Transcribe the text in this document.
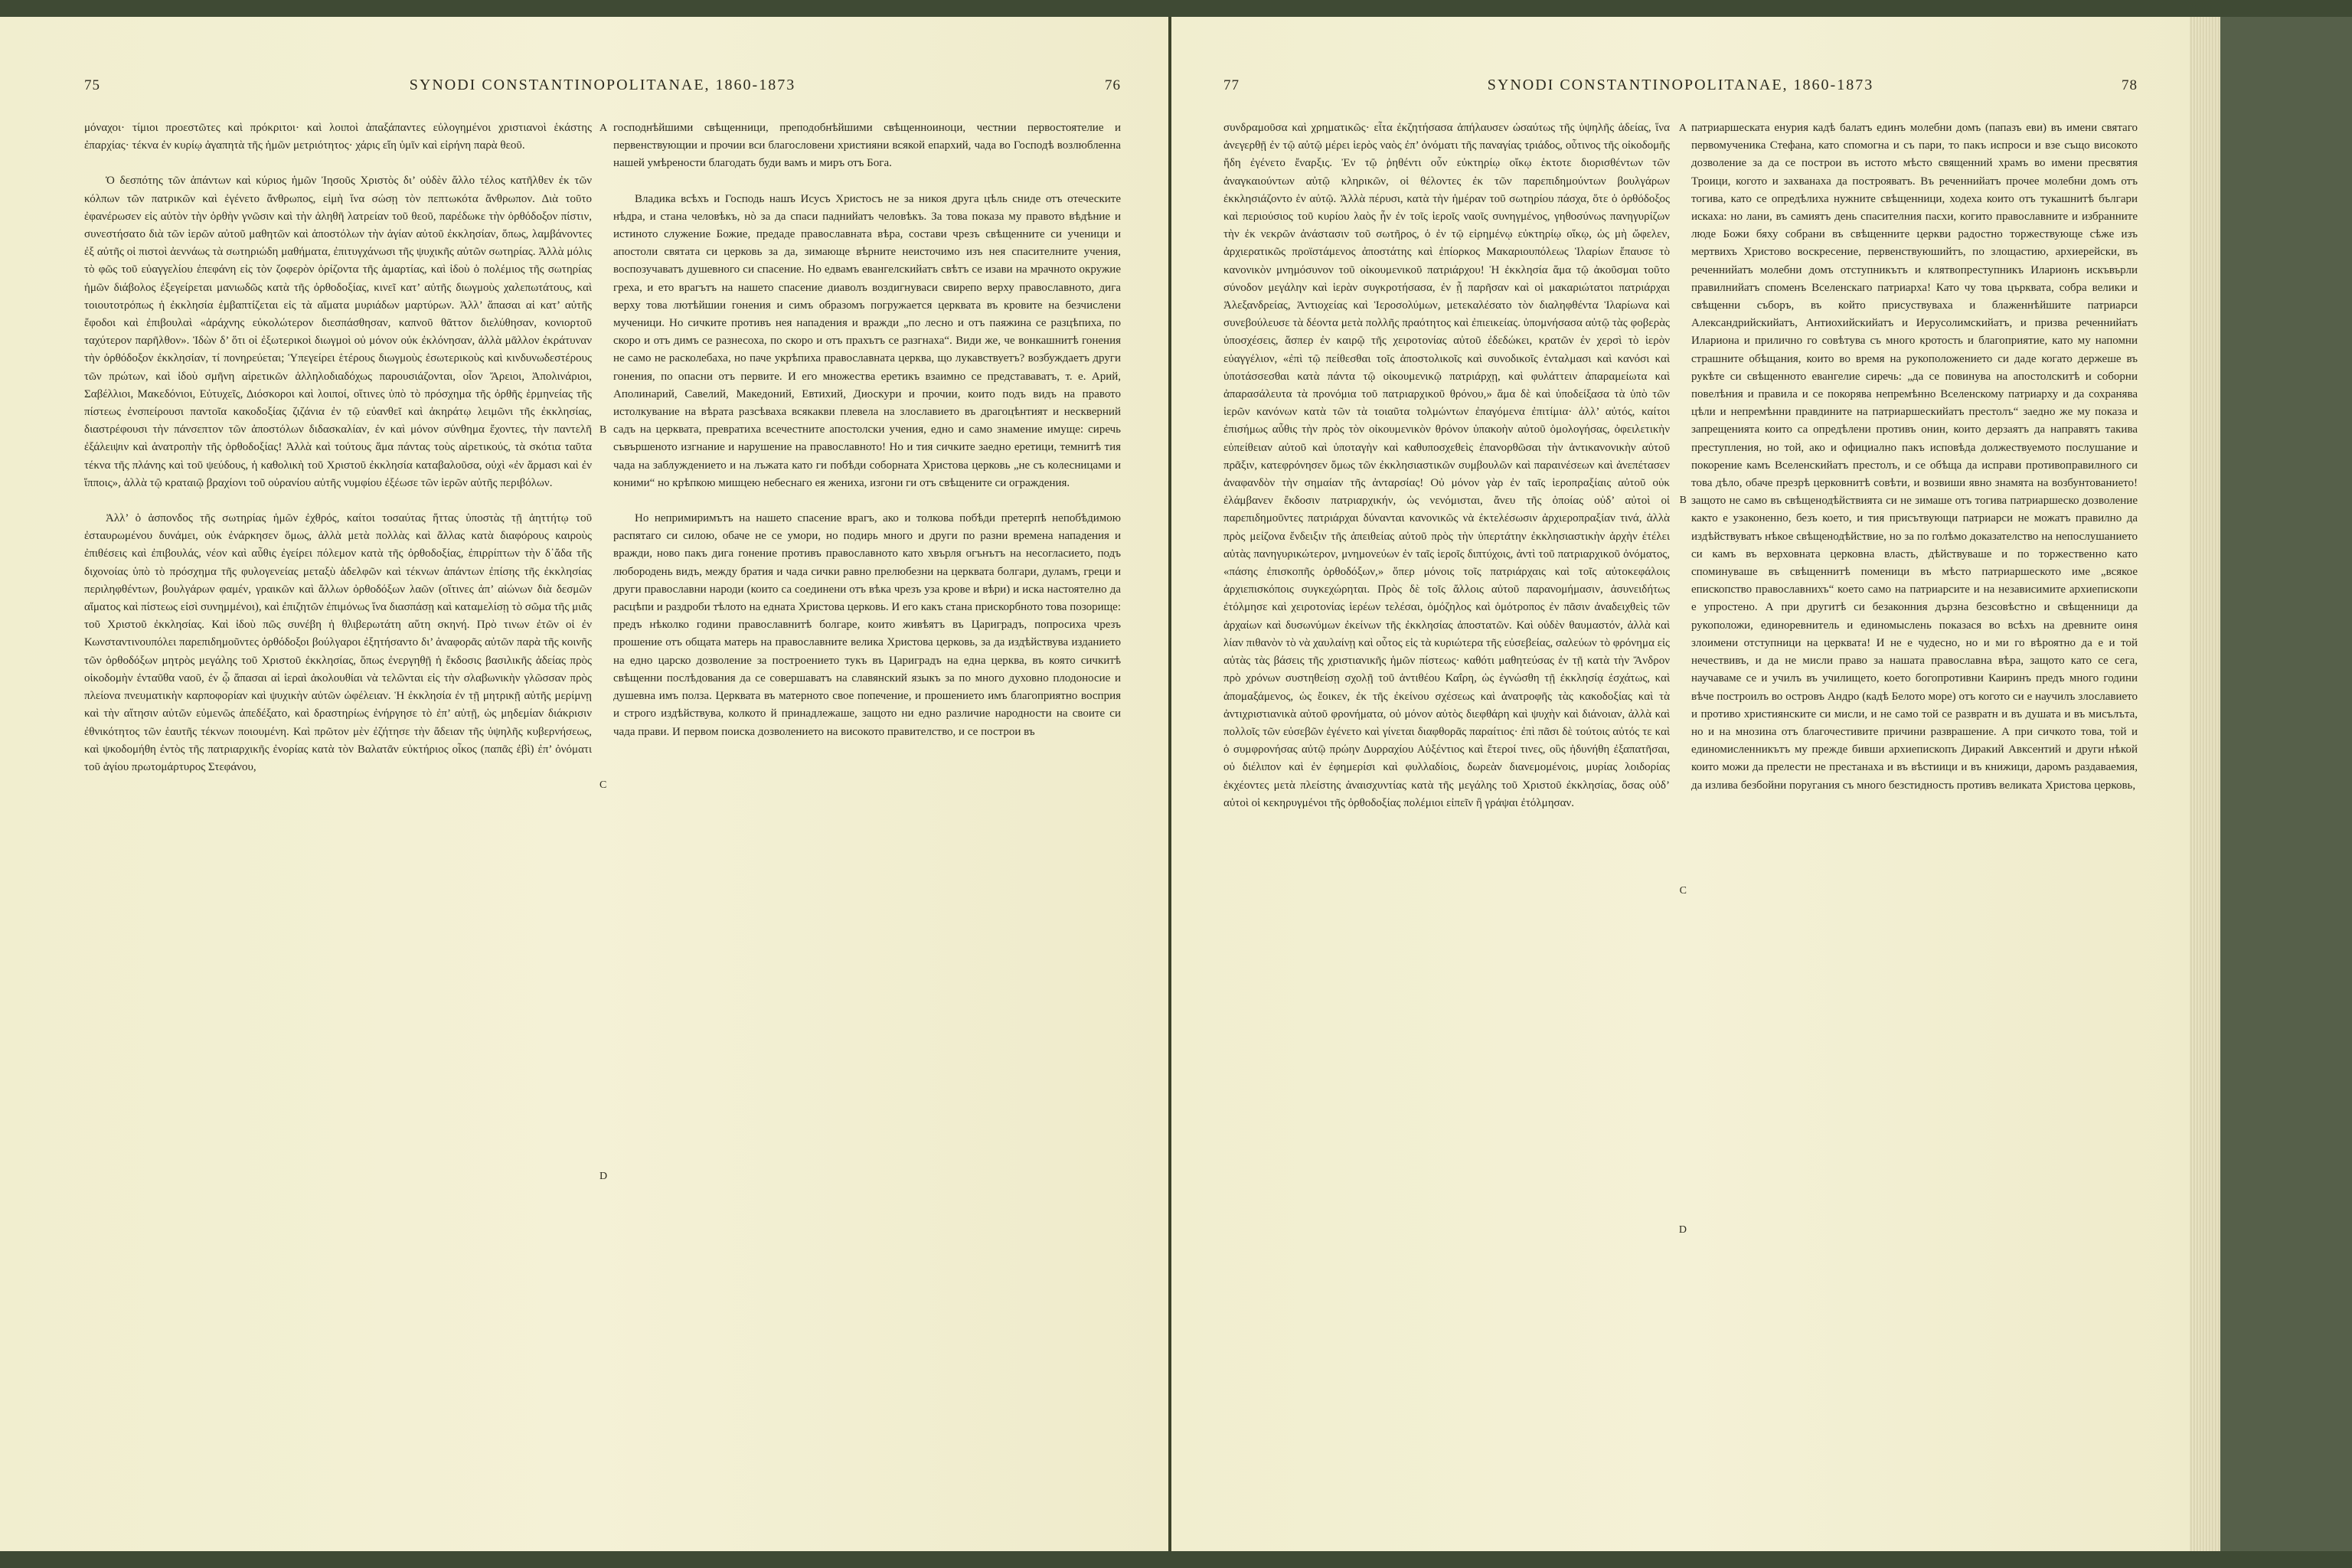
75	SYNODI CONSTANTINOPOLITANAE, 1860-1873	76

μόναχοι· τίμιοι προεστῶτες καὶ πρόκριτοι· καὶ λοιποὶ ἁπαξάπαντες εὐλογημένοι χριστιανοὶ ἑκάστης ἐπαρχίας· τέκνα ἐν κυρίῳ ἀγαπητὰ τῆς ἡμῶν μετριότητος· χάρις εἴη ὑμῖν καὶ εἰρήνη παρὰ θεοῦ.

Ὁ δεσπότης τῶν ἁπάντων καὶ κύριος ἡμῶν Ἰησοῦς Χριστὸς δι’ οὐδὲν ἄλλο τέλος κατῆλθεν ἐκ τῶν κόλπων τῶν πατρικῶν καὶ ἐγένετο ἄνθρωπος, εἰμὴ ἵνα σώσῃ τὸν πεπτωκότα ἄνθρωπον. Διὰ τοῦτο ἐφανέρωσεν εἰς αὐτὸν τὴν ὀρθὴν γνῶσιν καὶ τὴν ἀληθῆ λατρείαν τοῦ θεοῦ, παρέδωκε τὴν ὀρθόδοξον πίστιν, συνεστήσατο διὰ τῶν ἱερῶν αὐτοῦ μαθητῶν καὶ ἀποστόλων τὴν ἁγίαν αὐτοῦ ἐκκλησίαν, ὅπως, λαμβάνοντες ἐξ αὐτῆς οἱ πιστοὶ ἀεννάως τὰ σωτηριώδη μαθήματα, ἐπιτυγχάνωσι τῆς ψυχικῆς αὐτῶν σωτηρίας. Ἀλλὰ μόλις τὸ φῶς τοῦ εὐαγγελίου ἐπεφάνη εἰς τὸν ζοφερὸν ὁρίζοντα τῆς ἁμαρτίας, καὶ ἰδοὺ ὁ πολέμιος τῆς σωτηρίας ἡμῶν διάβολος ἐξεγείρεται μανιωδῶς κατὰ τῆς ὀρθοδοξίας, κινεῖ κατ’ αὐτῆς διωγμοὺς χαλεπωτάτους, καὶ τοιουτοτρόπως ἡ ἐκκλησία ἐμβαπτίζεται εἰς τὰ αἵματα μυριάδων μαρτύρων. Ἀλλ’ ἅπασαι αἱ κατ’ αὐτῆς ἔφοδοι καὶ ἐπιβουλαὶ «ἀράχνης εὐκολώτερον διεσπάσθησαν, καπνοῦ θᾶττον διελύθησαν, κονιορτοῦ ταχύτερον παρῆλθον». Ἰδὼν δ’ ὅτι οἱ ἐξωτερικοὶ διωγμοὶ οὐ μόνον οὐκ ἐκλόνησαν, ἀλλὰ μᾶλλον ἐκράτυναν τὴν ὀρθόδοξον ἐκκλησίαν, τί πονηρεύεται; Ὑπεγείρει ἑτέρους διωγμοὺς ἐσωτερικοὺς καὶ κινδυνωδεστέρους τῶν πρώτων, καὶ ἰδοὺ σμῆνη αἱρετικῶν ἀλληλοδιαδόχως παρουσιάζονται, οἷον Ἄρειοι, Ἀπολινάριοι, Σαβέλλιοι, Μακεδόνιοι, Εὐτυχεῖς, Διόσκοροι καὶ λοιποί, οἵτινες ὑπὸ τὸ πρόσχημα τῆς ὀρθῆς ἑρμηνείας τῆς πίστεως ἐνσπείρουσι παντοῖα κακοδοξίας ζιζάνια ἐν τῷ εὐανθεῖ καὶ ἀκηράτῳ λειμῶνι τῆς ἐκκλησίας, διαστρέφουσι τὴν πάνσεπτον τῶν ἀποστόλων διδασκαλίαν, ἐν καὶ μόνον σύνθημα ἔχοντες, τὴν παντελῆ ἐξάλειψιν καὶ ἀνατροπὴν τῆς ὀρθοδοξίας! Ἀλλὰ καὶ τούτους ἅμα πάντας τοὺς αἱρετικούς, τὰ σκότια ταῦτα τέκνα τῆς πλάνης καὶ τοῦ ψεύδους, ἡ καθολικὴ τοῦ Χριστοῦ ἐκκλησία καταβαλοῦσα, οὐχὶ «ἐν ἅρμασι καὶ ἐν ἵπποις», ἀλλὰ τῷ κραταιῷ βραχίονι τοῦ οὐρανίου αὐτῆς νυμφίου ἐξέωσε τῶν ἱερῶν αὐτῆς περιβόλων.

Ἀλλ’ ὁ ἀσπονδος τῆς σωτηρίας ἡμῶν ἐχθρός, καίτοι τοσαύτας ἥττας ὑποστὰς τῇ ἀηττήτῳ τοῦ ἐσταυρωμένου δυνάμει, οὐκ ἐνάρκησεν ὅμως, ἀλλὰ μετὰ πολλὰς καὶ ἄλλας κατὰ διαφόρους καιροὺς ἐπιθέσεις καὶ ἐπιβουλάς, νέον καὶ αὖθις ἐγείρει πόλεμον κατὰ τῆς ὀρθοδοξίας, ἐπιρρίπτων τὴν δ᾽ἄδα τῆς διχονοίας ὑπὸ τὸ πρόσχημα τῆς φυλογενείας μεταξὺ ἀδελφῶν καὶ τέκνων ἁπάντων ἐπίσης τῆς ἐκκλησίας περιληφθέντων, βουλγάρων φαμέν, γραικῶν καὶ ἄλλων ὀρθοδόξων λαῶν (οἵτινες ἀπ’ αἰώνων διὰ δεσμῶν αἵματος καὶ πίστεως εἰσὶ συνημμένοι), καὶ ἐπιζητῶν ἐπιμόνως ἵνα διασπάσῃ καὶ καταμελίσῃ τὸ σῶμα τῆς μιᾶς τοῦ Χριστοῦ ἐκκλησίας. Καὶ ἰδοὺ πῶς συνέβη ἡ θλιβερωτάτη αὕτη σκηνή. Πρὸ τινων ἐτῶν οἱ ἐν Κωνσταντινουπόλει παρεπιδημοῦντες ὀρθόδοξοι βούλγαροι ἐξητήσαντο δι’ ἀναφορᾶς αὐτῶν παρὰ τῆς κοινῆς τῶν ὀρθοδόξων μητρὸς μεγάλης τοῦ Χριστοῦ ἐκκλησίας, ὅπως ἐνεργηθῇ ἡ ἔκδοσις βασιλικῆς ἀδείας πρὸς οἰκοδομὴν ἐνταῦθα ναοῦ, ἐν ᾧ ἅπασαι αἱ ἱεραὶ ἀκολουθίαι νὰ τελῶνται εἰς τὴν σλαβωνικὴν γλῶσσαν πρὸς πλείονα πνευματικὴν καρποφορίαν καὶ ψυχικὴν αὐτῶν ὠφέλειαν. Ἡ ἐκκλησία ἐν τῇ μητρικῇ αὐτῆς μερίμνῃ καὶ τὴν αἴτησιν αὐτῶν εὐμενῶς ἀπεδέξατο, καὶ δραστηρίως ἐνήργησε τὸ ἐπ’ αὐτῇ, ὡς μηδεμίαν διάκρισιν ἐθνικότητος τῶν ἑαυτῆς τέκνων ποιουμένη. Καὶ πρῶτον μὲν ἐζήτησε τὴν ἄδειαν τῆς ὑψηλῆς κυβερνήσεως, καὶ ψκοδομήθη ἐντὸς τῆς πατριαρχικῆς ἐνορίας κατὰ τὸν Βαλατᾶν εὐκτήριος οἶκος (παπᾶς ἐβὶ) ἐπ’ ὀνόματι τοῦ ἁγίου πρωτομάρτυρος Στεφάνου,

A
B
C
D

господнѣйшими свѣщенници, преподобнѣйшими свѣщенноиноци, честнии первостоятелие и первенствующии и прочии вси благословени християни всякой епархий, чада во Господѣ возлюбленна нашей умѣрености благодать буди вамъ и миръ отъ Бога.

Владика всѣхъ и Господь нашъ Исусъ Христосъ не за никоя друга цѣль сниде отъ отеческите нѣдра, и стана человѣкъ, нò за да спаси паднийатъ человѣкъ. За това показа му правото вѣдѣние и истиното служение Божие, предаде православната вѣра, состави чрезъ свѣщенните си ученици и апостоли святата си церковь за да, зимающе вѣрните неисточимо изъ нея спасителните учения, воспозучаватъ душевного си спасение. Но едвамъ евангелскийатъ свѣтъ се изави на мрачното окружие греха, и ето врагътъ на нашето спасение диаволъ воздигнуваси свирепо верху православното, дига верху това лютѣйшии гонения и симъ образомъ погружается церквата въ кровите на безчислени мученици. Но сичките противъ нея нападения и вражди „по лесно и отъ паяжина се разцѣпиха, по скоро и отъ димъ се разнесоха, по скоро и отъ прахътъ се разгнаха“. Види же, че вонкашнитѣ гонения не само не расколебаха, но паче укрѣпиха православната церква, що лукавствуетъ? возбуждаетъ други гонения, по опасни отъ первите. И его множества еретикъ взаимно се представаватъ, т. е. Арий, Аполинарий, Савелий, Македоний, Евтихий, Диоскури и прочии, които подъ видъ на правото истолкувание на вѣрата разсѣваха всякакви плевела на злославието въ драгоцѣнтият и нескверний садъ на церквата, превратиха всечестните апостолски учения, едно и само знамение имуще: сиречь съвършеното изгнание и нарушение на православното! Но и тия сичките заедно еретици, темнитѣ тия чада на заблуждението и на лъжата като ги побѣди соборната Христова церковь „не съ колесницами и коними“ но крѣпкою мишцею небеснаго ея жениха, изгони ги отъ свѣщените си ограждения.

Но непримиримътъ на нашето спасение врагъ, ако и толкова побѣди претерпѣ непобѣдимою распятаго си силою, обаче не се умори, но подирь много и други по разни времена нападения и вражди, ново пакъ дига гонение противъ православното като хвърля огънътъ на несогласието, подъ любородень видъ, между братия и чада сички равно прелюбезни на церквата болгари, дуламъ, греци и други православни народи (които са соединени отъ вѣка чрезъ уза крове и вѣри) и иска настоятелно да расцѣпи и раздроби тѣлото на едната Христова церковь. И его какъ стана прискорбното това позорище: предъ нѣколко години православнитѣ болгаре, които живѣятъ въ Цариградъ, попросиха чрезъ прошение отъ общата матерь на православните велика Христова церковь, за да издѣйствува изданието на едно царско дозволение за построението тукъ въ Цариградъ на една церква, въ която сичкитѣ свѣщенни послѣдования да се совершаватъ на славянский языкъ за по много духовно плодоносие и душевна имъ полза. Церквата въ матерното свое попечение, и прошението имъ благоприятно восприя и строго издѣйствува, колкото й принадлежаше, защото ни едно различие народности на своите си чада прави. И первом поиска дозволението на високото правителство, и се построи въ

77	SYNODI CONSTANTINOPOLITANAE, 1860-1873	78
A
B
C
D

συνδραμοῦσα καὶ χρηματικῶς· εἶτα ἐκζητήσασα ἀπήλαυσεν ὡσαύτως τῆς ὑψηλῆς ἀδείας, ἵνα ἀνεγερθῇ ἐν τῷ αὐτῷ μέρει ἱερὸς ναὸς ἐπ’ ὀνόματι τῆς παναγίας τριάδος, οὗτινος τῆς οἰκοδομῆς ἤδη ἐγένετο ἔναρξις. Ἐν τῷ ῥηθέντι οὖν εὐκτηρίῳ οἴκῳ ἑκτοτε διορισθέντων τῶν ἀναγκαιούντων αὐτῷ κληρικῶν, οἱ θέλοντες ἐκ τῶν παρεπιδημούντων βουλγάρων ἐκκλησιάζοντο ἐν αὐτῷ. Ἀλλὰ πέρυσι, κατὰ τὴν ἡμέραν τοῦ σωτηρίου πάσχα, ὅτε ὁ ὀρθόδοξος καὶ περιούσιος τοῦ κυρίου λαὸς ἦν ἐν τοῖς ἱεροῖς ναοῖς συνηγμένος, γηθοσύνως πανηγυρίζων τὴν ἐκ νεκρῶν ἀνάστασιν τοῦ σωτῆρος, ὁ ἐν τῷ εἰρημένῳ εὐκτηρίῳ οἴκῳ, ὡς μὴ ὤφελεν, ἀρχιερατικῶς προϊστάμενος ἀποστάτης καὶ ἐπίορκος Μακαριουπόλεως Ἱλαρίων ἔπαυσε τὸ κανονικὸν μνημόσυνον τοῦ οἰκουμενικοῦ πατριάρχου! Ἡ ἐκκλησία ἅμα τῷ ἀκοῦσμαι τοῦτο σύνοδον μεγάλην καὶ ἱερὰν συγκροτήσασα, ἐν ᾗ παρῆσαν καὶ οἱ μακαριώτατοι πατριάρχαι Ἀλεξανδρείας, Ἀντιοχείας καὶ Ἱεροσολύμων, μετεκαλέσατο τὸν διαληφθέντα Ἱλαρίωνα καὶ συνεβούλευσε τὰ δέοντα μετὰ πολλῆς πραότητος καὶ ἐπιεικείας. ὑπομνήσασα αὐτῷ τὰς φοβερὰς ὑποσχέσεις, ἅσπερ ἐν καιρῷ τῆς χειροτονίας αὐτοῦ ἐδεδώκει, κρατῶν ἐν χερσὶ τὸ ἱερὸν εὐαγγέλιον, «ἐπὶ τῷ πείθεσθαι τοῖς ἀποστολικοῖς καὶ συνοδικοῖς ἐνταλμασι καὶ κανόσι καὶ ὑποτάσσεσθαι κατὰ πάντα τῷ οἰκουμενικῷ πατριάρχῃ, καὶ φυλάττειν ἀπαραμείωτα καὶ ἀπαρασάλευτα τὰ προνόμια τοῦ πατριαρχικοῦ θρόνου,» ἅμα δὲ καὶ ὑποδείξασα τὰ ὑπὸ τῶν ἱερῶν κανόνων κατὰ τῶν τὰ τοιαῦτα τολμώντων ἐπαγόμενα ἐπιτίμια· ἀλλ’ αὐτός, καίτοι ἐπισήμως αὖθις τὴν πρὸς τὸν οἰκουμενικὸν θρόνον ὑπακοὴν αὐτοῦ ὁμολογήσας, ὀφειλετικὴν εὐπείθειαν αὐτοῦ καὶ ὑποταγὴν καὶ καθυποσχεθεὶς ἐπανορθῶσαι τὴν ἀντικανονικὴν αὐτοῦ πρᾶξιν, κατεφρόνησεν ὅμως τῶν ἐκκλησιαστικῶν συμβουλῶν καὶ παραινέσεων καὶ ἀνεπέτασεν ἀναφανδὸν τὴν σημαίαν τῆς ἀνταρσίας! Οὐ μόνον γὰρ ἐν ταῖς ἱεροπραξίαις αὐτοῦ οὐκ ἐλάμβανεν ἔκδοσιν πατριαρχικήν, ὡς νενόμισται, ἄνευ τῆς ὁποίας οὐδ’ αὐτοὶ οἱ παρεπιδημοῦντες πατριάρχαι δύνανται κανονικῶς νὰ ἐκτελέσωσιν ἀρχιεροπραξίαν τινά, ἀλλὰ πρὸς μείζονα ἔνδειξιν τῆς ἀπειθείας αὐτοῦ πρὸς τὴν ὑπερτάτην ἐκκλησιαστικὴν ἀρχὴν ἐτέλει αὐτὰς πανηγυρικώτερον, μνημονεύων ἐν ταῖς ἱεροῖς διπτύχοις, ἀντὶ τοῦ πατριαρχικοῦ ὀνόματος, «πάσης ἐπισκοπῆς ὀρθοδόξων,» ὅπερ μόνοις τοῖς πατριάρχαις καὶ τοῖς αὐτοκεφάλοις ἀρχιεπισκόποις συγκεχώρηται. Πρὸς δὲ τοῖς ἄλλοις αὐτοῦ παρανομήμασιν, ἀσυνειδήτως ἐτόλμησε καὶ χειροτονίας ἱερέων τελέσαι, ὁμόζηλος καὶ ὁμότροπος ἐν πᾶσιν ἀναδειχθεὶς τῶν ἀρχαίων καὶ δυσωνύμων ἐκείνων τῆς ἐκκλησίας ἀποστατῶν. Καὶ οὐδὲν θαυμαστόν, ἀλλὰ καὶ λίαν πιθανὸν τὸ νὰ χαυλαίνῃ καὶ οὗτος εἰς τὰ κυριώτερα τῆς εὐσεβείας, σαλεύων τὸ φρόνημα εἰς αὐτὰς τὰς βάσεις τῆς χριστιανικῆς ἡμῶν πίστεως· καθότι μαθητεύσας ἐν τῇ κατὰ τὴν Ἄνδρον πρὸ χρόνων συστηθείσῃ σχολῇ τοῦ ἀντιθέου Καΐρη, ὡς ἐγνώσθη τῇ ἐκκλησίᾳ ἐσχάτως, καὶ ἀπομαξάμενος, ὡς ἔοικεν, ἐκ τῆς ἐκείνου σχέσεως καὶ ἀνατροφῆς τὰς κακοδοξίας καὶ τὰ ἀντιχριστιανικὰ αὐτοῦ φρονήματα, οὐ μόνον αὐτὸς διεφθάρη καὶ ψυχὴν καὶ διάνοιαν, ἀλλὰ καὶ πολλοῖς τῶν εὐσεβῶν ἐγένετο καὶ γίνεται διαφθορᾶς παραίτιος· ἐπὶ πᾶσι δὲ τούτοις αὐτός τε καὶ ὁ συμφρονήσας αὐτῷ πρώην Δυρραχίου Αὐξέντιος καὶ ἕτεροί τινες, οὓς ἠδυνήθη ἐξαπατῆσαι, οὐ διέλιπον καὶ ἐν ἐφημερίσι καὶ φυλλαδίοις, δωρεὰν διανεμομένοις, μυρίας λοιδορίας ἐκχέοντες μετὰ πλείστης ἀναισχυντίας κατὰ τῆς μεγάλης τοῦ Χριστοῦ ἐκκλησίας, ὅσας οὐδ’ αὐτοὶ οἱ κεκηρυγμένοι τῆς ὀρθοδοξίας πολέμιοι εἰπεῖν ἢ γράψαι ἐτόλμησαν.

патриаршеската енурия кадѣ балатъ единъ молебни домъ (папазъ еви) въ имени святаго первомученика Стефана, като спомогна и съ пари, то пакъ испроси и взе също високото дозволение за да се построи въ истото мѣсто священний храмъ во имени пресвятия Троици, когото и захванаха да построяватъ. Въ реченнийатъ прочее молебни домъ отъ тогива, като се опредѣлиха нужните свѣщенници, ходеха които отъ тукашнитѣ българи искаха: но лани, въ самиятъ день спасителния пасхи, когито православните и избранните люде Божи бяху собрани въ свѣщенните церкви радостно торжествующе сѣже изъ мертвихъ Христово воскресение, первенствуюшийтъ, по злощастию, архиерейски, въ реченнийатъ молебни домъ отступникътъ и клятвопреступникъ Иларионъ искъвърли правилнийатъ споменъ Вселенскаго патриарха! Като чу това църквата, собра велики и свѣщенни съборъ, въ който присуствуваха и блаженнѣйшите патриарси Александрийскийатъ, Антиохийскийатъ и Иерусолимскийатъ, и призва реченнийатъ Илариона и прилично го совѣтува съ много кротость и благоприятие, като му напомни страшните обѣщания, които во время на рукоположението си даде когато держеше въ рукѣте си свѣщенното евангелие сиречь: „да се повинува на апостолскитѣ и соборни повелѣния и правила и се покорява непремѣнно Вселенскому патриарху и да сохранява цѣли и непремѣнни правдините на патриаршескийатъ престолъ“ заедно же му показа и запрещенията които са опредѣлени противъ онин, които дерзаятъ да направятъ такива преступления, но той, ако и официално пакъ исповѣда должествуемото послушание и покорение камъ Вселенскийатъ престолъ, и се обѣща да исправи противоправилного си това дѣло, обаче презрѣ церковнитѣ совѣти, и возвиши явно знамята на возбунтованието! защото не само въ свѣщенодѣйствията си не зимаше отъ тогива патриаршеско дозволение както е узаконенно, безъ което, и тия присътвующи патриарси не можатъ правилно да издѣйствуватъ нѣкое свѣщенодѣйствие, но за по голѣмо доказателство на непослушанието си камъ въ верховната церковна власть, дѣйствуваше и по торжественно като споминуваше въ свѣщеннитѣ поменици въ мѣсто патриаршеското име „всякое епископство православнихъ“ което само на патриарсите и на независимите архиепископи е упростено. А при другитѣ си безаконния дързна безсовѣстно и свѣщенници да рукоположи, единоревнитель и единомыслень показася во всѣхъ на древните оиня злоимени отступници на церквата! И не е чудесно, но и ми го вѣроятно да е и той нечествивъ, и да не мисли право за нашата православна вѣра, защото като се сега, научаваме се и училъ въ училището, което богопротивни Каиринъ предъ много години вѣче построилъ во островъ Андро (кадѣ Белото море) отъ когото си е научилъ злославието и противо християнските си мисли, и не само той се развратн и въ душата и въ мисълъта, но и на мнозина отъ благочестивите причини разврашение. А при сичкото това, той и единомисленникътъ му прежде бивши архиепископъ Диракий Авксентий и други нѣкой които можи да прелести не престанаха и въ вѣстиици и въ книжици, даромъ раздаваемия, да излива безбойни поругания съ много безстидность противъ великата Христова церковь,
